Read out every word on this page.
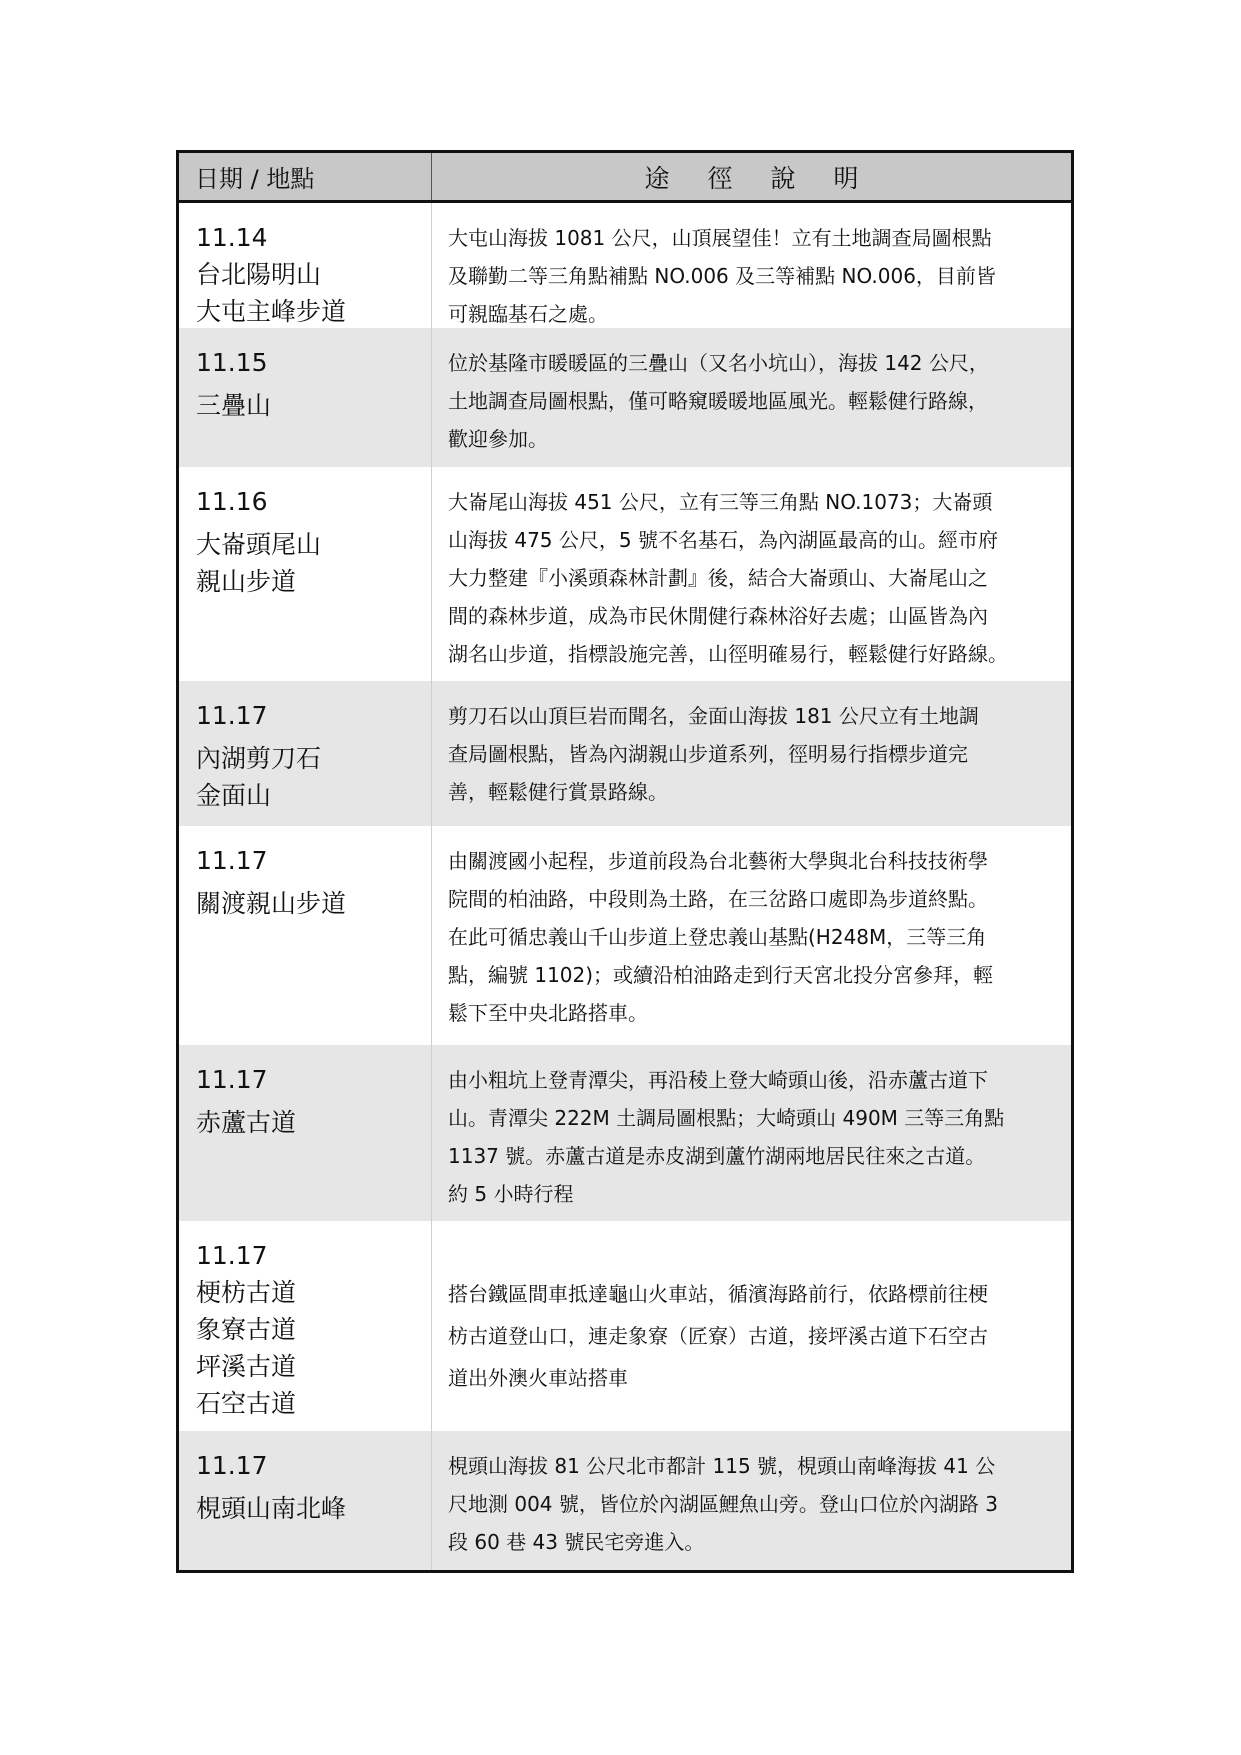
日期 / 地點	途徑說明
11.14
台北陽明山
大屯主峰步道
大屯山海拔 1081 公尺，山頂展望佳！立有土地調查局圖根點
及聯勤二等三角點補點 NO.006 及三等補點 NO.006，目前皆
可親臨基石之處。
11.15
三疊山
位於基隆市暖暖區的三疊山（又名小坑山），海拔 142 公尺，
土地調查局圖根點，僅可略窺暖暖地區風光。輕鬆健行路線，
歡迎參加。
11.16
大崙頭尾山
親山步道
大崙尾山海拔 451 公尺，立有三等三角點 NO.1073；大崙頭
山海拔 475 公尺，5 號不名基石，為內湖區最高的山。經市府
大力整建『小溪頭森林計劃』後，結合大崙頭山、大崙尾山之
間的森林步道，成為市民休閒健行森林浴好去處；山區皆為內
湖名山步道，指標設施完善，山徑明確易行，輕鬆健行好路線。
11.17
內湖剪刀石
金面山
剪刀石以山頂巨岩而聞名，金面山海拔 181 公尺立有土地調
查局圖根點，皆為內湖親山步道系列，徑明易行指標步道完
善，輕鬆健行賞景路線。
11.17
關渡親山步道
由關渡國小起程，步道前段為台北藝術大學與北台科技技術學
院間的柏油路，中段則為土路，在三岔路口處即為步道終點。
在此可循忠義山千山步道上登忠義山基點(H248M，三等三角
點，編號 1102)；或續沿柏油路走到行天宮北投分宮參拜，輕
鬆下至中央北路搭車。
11.17
赤蘆古道
由小粗坑上登青潭尖，再沿稜上登大崎頭山後，沿赤蘆古道下
山。青潭尖 222M 土調局圖根點；大崎頭山 490M 三等三角點
1137 號。赤蘆古道是赤皮湖到蘆竹湖兩地居民往來之古道。
約 5 小時行程
11.17
梗枋古道
象寮古道
坪溪古道
石空古道
搭台鐵區間車抵達龜山火車站，循濱海路前行，依路標前往梗
枋古道登山口，連走象寮（匠寮）古道，接坪溪古道下石空古
道出外澳火車站搭車
11.17
梘頭山南北峰
梘頭山海拔 81 公尺北市都計 115 號，梘頭山南峰海拔 41 公
尺地測 004 號，皆位於內湖區鯉魚山旁。登山口位於內湖路 3
段 60 巷 43 號民宅旁進入。
